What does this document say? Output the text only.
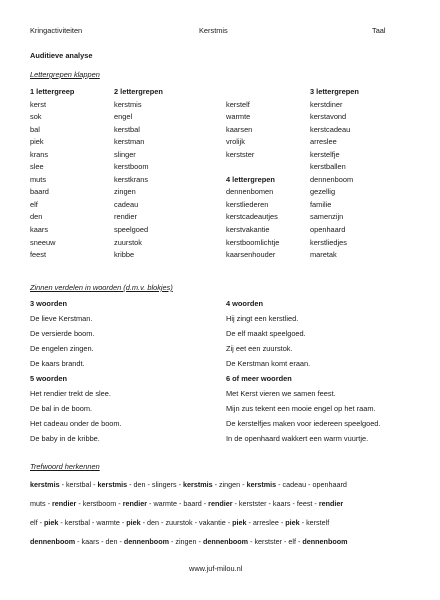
Kringactiviteiten	Kerstmis	Taal
Auditieve analyse
Lettergrepen klappen
1 lettergreep
kerst
sok
bal
piek
krans
slee
muts
baard
elf
den
kaars
sneeuw
feest
2 lettergrepen
kerstmis
engel
kerstbal
kerstman
slinger
kerstboom
kerstkrans
zingen
cadeau
rendier
speelgoed
zuurstok
kribbe
kerstelf
warmte
kaarsen
vrolijk
kerstster
4 lettergrepen
dennenbomen
kerstliederen
kerstcadeautjes
kerstvakantie
kerstboomlichtje
kaarsenhouder
3 lettergrepen
kerstdiner
kerstavond
kerstcadeau
arreslee
kerstelfje
kerstballen
dennenboom
gezellig
familie
samenzijn
openhaard
kerstliedjes
maretak
Zinnen verdelen in woorden (d.m.v. blokjes)
3 woorden
De lieve Kerstman.
De versierde boom.
De engelen zingen.
De kaars brandt.
4 woorden
Hij zingt een kerstlied.
De elf maakt speelgoed.
Zij eet een zuurstok.
De Kerstman komt eraan.
5 woorden
Het rendier trekt de slee.
De bal in de boom.
Het cadeau onder de boom.
De baby in de kribbe.
6 of meer woorden
Met Kerst vieren we samen feest.
Mijn zus tekent een mooie engel op het raam.
De kerstelfjes maken voor iedereen speelgoed.
In de openhaard wakkert een warm vuurtje.
Trefwoord herkennen
kerstmis - kerstbal - kerstmis - den - slingers - kerstmis - zingen - kerstmis - cadeau - openhaard
muts - rendier - kerstboom - rendier - warmte - baard - rendier - kerstster - kaars - feest - rendier
elf - piek - kerstbal - warmte - piek - den - zuurstok - vakantie - piek - arreslee - piek - kerstelf
dennenboom - kaars - den - dennenboom - zingen - dennenboom - kerstster - elf - dennenboom
www.juf-milou.nl
